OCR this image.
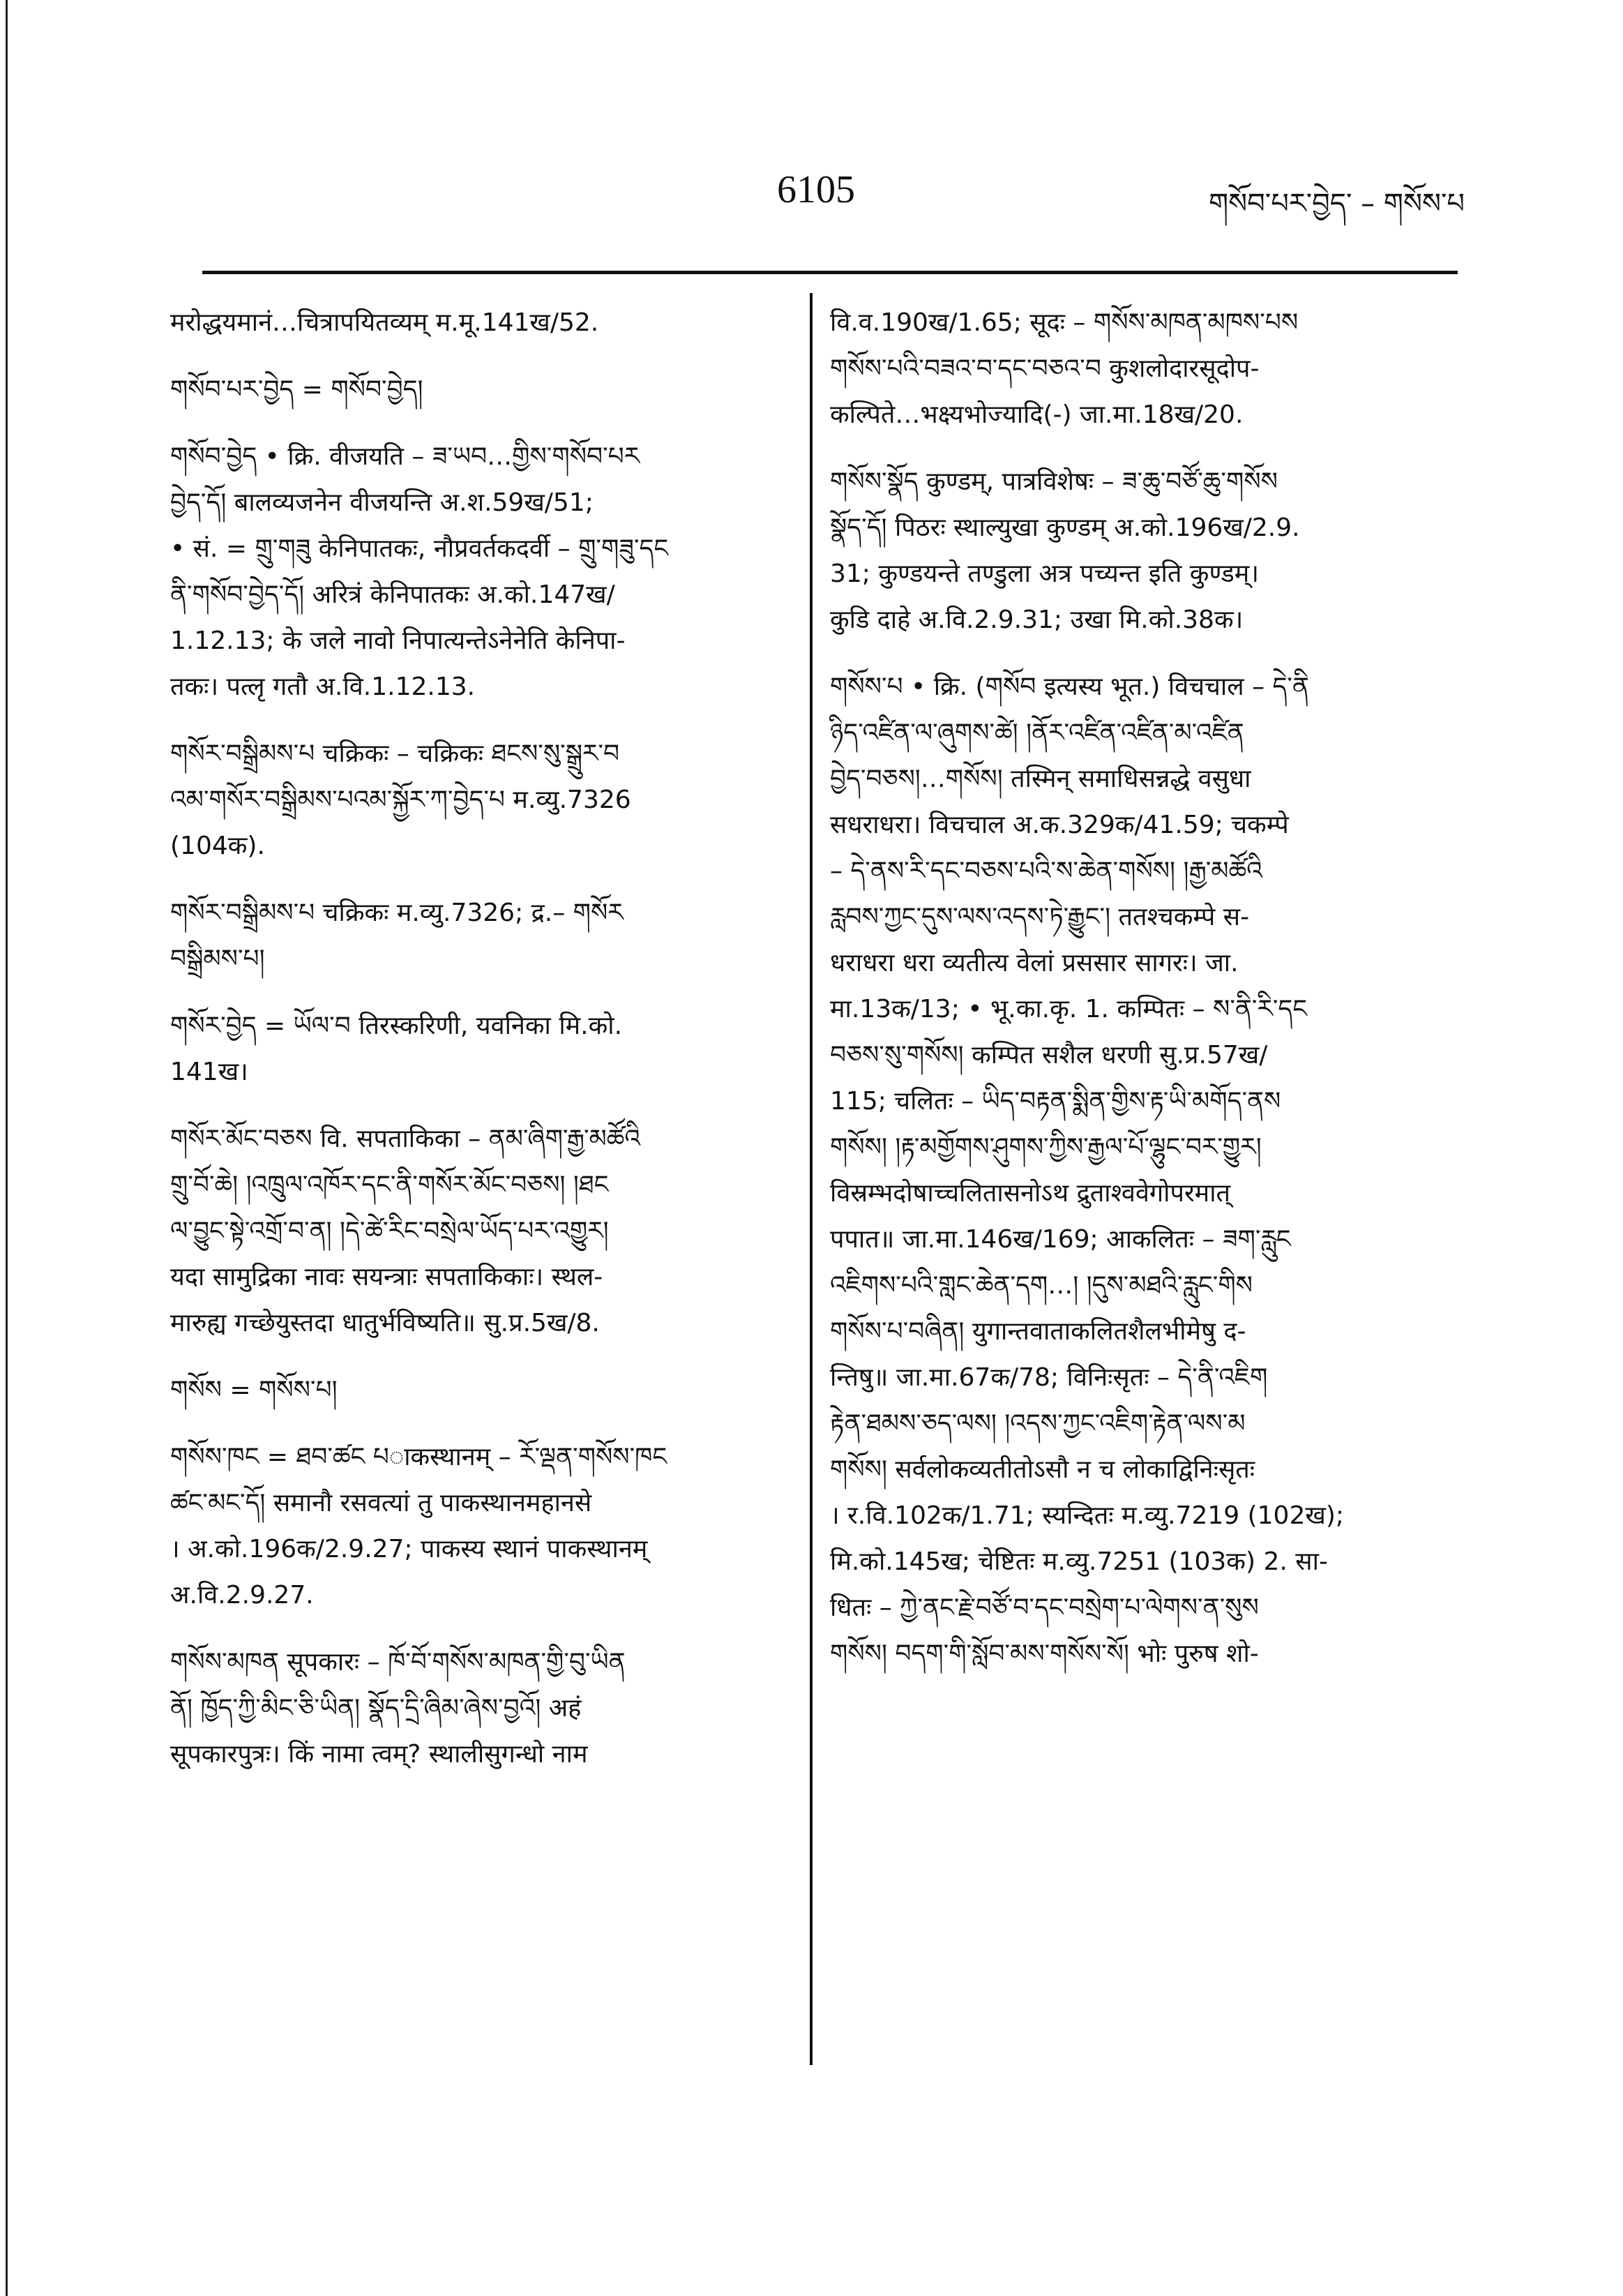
6105	གསོབ་པར་བྱེད་ – གསོས་པ
मरोद्धयमानं…चित्रापयितव्यम् म.मू.141ख/52.
གསོབ་པར་བྱེད = གསོབ་བྱེད།
གསོབ་བྱེད • क्रि. वीजयति – ཟ་ཡབ…གྱིས་གསོབ་པར
བྱེད་དོ། बालव्यजनेन वीजयन्ति अ.श.59ख/51;
• सं. = གྲུ་གཟུ केनिपातकः, नौप्रवर्तकदर्वी – གྲུ་གཟུ་དང
ནི་གསོབ་བྱེད་དོ། अरित्रं केनिपातकः अ.को.147ख/
1.12.13; के जले नावो निपात्यन्तेऽनेनेति केनिपा-
तकः। पत्लृ गतौ अ.वि.1.12.13.
གསོར་བསྒྲིམས་པ चक्रिकः – चक्रिकः ཐངས་སུ་སྒྲུར་བ
འམ་གསོར་བསྒྲིམས་པའམ་སྐྱོར་ཀ་བྱེད་པ म.व्यु.7326
(104क).
གསོར་བསྒྲིམས་པ चक्रिकः म.व्यु.7326; द्र.– གསོར
བསྒྲིམས་པ།
གསོར་བྱེད = ཡོལ་བ तिरस्करिणी, यवनिका मि.को.
141ख।
གསོར་མོང་བཅས वि. सपताकिका – ནམ་ཞིག་རྒྱ་མཚོའི
གྲུ་བོ་ཆེ། །འཁྲུལ་འཁོར་དང་ནི་གསོར་མོང་བཅས། །ཐང
ལ་བྱུང་སྟེ་འགྲོ་བ་ན། །དེ་ཚེ་རིང་བསྲེལ་ཡོད་པར་འགྱུར།
यदा सामुद्रिका नावः सयन्त्राः सपताकिकाः। स्थल-
मारुह्य गच्छेयुस्तदा धातुर्भविष्यति॥ सु.प्र.5ख/8.
གསོས = གསོས་པ།
གསོས་ཁང = ཐབ་ཚང པाकस्थानम् – རོ་ལྡན་གསོས་ཁང
ཚང་མང་དོ། समानौ रसवत्यां तु पाकस्थानमहानसे
। अ.को.196क/2.9.27; पाकस्य स्थानं पाकस्थानम्
अ.वि.2.9.27.
གསོས་མཁན सूपकारः – ཁོ་བོ་གསོས་མཁན་གྱི་བུ་ཡིན
ནོ། ཁྱོད་ཀྱི་མིང་ཅི་ཡིན། སྣོད་དྲི་ཞིམ་ཞེས་བྱའོ། अहं
सूपकारपुत्रः। किं नामा त्वम्? स्थालीसुगन्धो नाम
वि.व.190ख/1.65; सूदः – གསོས་མཁན་མཁས་པས
གསོས་པའི་བཟའ་བ་དང་བཅའ་བ कुशलोदारसूदोप-
कल्पिते…भक्ष्यभोज्यादि(-) जा.मा.18ख/20.
གསོས་སྣོད कुण्डम्, पात्रविशेषः – ཟ་ཆུ་བཙོ་ཆུ་གསོས
སྣོད་དོ། पिठरः स्थाल्युखा कुण्डम् अ.को.196ख/2.9.
31; कुण्डयन्ते तण्डुला अत्र पच्यन्त इति कुण्डम्।
कुडि दाहे अ.वि.2.9.31; उखा मि.को.38क।
གསོས་པ • क्रि. (གསོབ इत्यस्य भूत.) विचचाल – དེ་ནི
ཉིད་འཛིན་ལ་ཞུགས་ཚེ། །ནོར་འཛིན་འཛིན་མ་འཛིན
བྱེད་བཅས།…གསོས། तस्मिन् समाधिसन्नद्धे वसुधा
सधराधरा। विचचाल अ.क.329क/41.59; चकम्पे
– དེ་ནས་རི་དང་བཅས་པའི་ས་ཆེན་གསོས། །རྒྱ་མཚོའི
རླབས་ཀྱང་དུས་ལས་འདས་ཏེ་རྒྱུང་། ततश्चकम्पे स-
धराधरा धरा व्यतीत्य वेलां प्रससार सागरः। जा.
मा.13क/13; • भू.का.कृ. 1. कम्पितः – ས་ནི་རི་དང
བཅས་སུ་གསོས། कम्पित सशैल धरणी सु.प्र.57ख/
115; चलितः – ཡིད་བརྟན་སྨིན་གྱིས་རྟ་ཡི་མགོད་ནས
གསོས། །རྟ་མགྱོགས་ཤུགས་ཀྱིས་རྒྱལ་པོ་ལྷུང་བར་གྱུར།
विस्रम्भदोषाच्चलितासनोऽथ द्रुताश्ववेगोपरमात्
पपात॥ जा.मा.146ख/169; आकलितः – ཟག་རླུང
འཇིགས་པའི་གླང་ཆེན་དག…། །དུས་མཐའི་རླུང་གིས
གསོས་པ་བཞིན། युगान्तवाताकलितशैलभीमेषु द-
न्तिषु॥ जा.मा.67क/78; विनिःसृतः – དེ་ནི་འཇིག
རྟེན་ཐམས་ཅད་ལས། །འདས་ཀྱང་འཇིག་རྟེན་ལས་མ
གསོས། सर्वलोकव्यतीतोऽसौ न च लोकाद्विनिःसृतः
। र.वि.102क/1.71; स्यन्दितः म.व्यु.7219 (102ख);
मि.को.145ख; चेष्टितः म.व्यु.7251 (103क) 2. सा-
धितः – ཀྱེ་ནང་རྗེ་བཙོ་བ་དང་བསྲེག་པ་ལེགས་ན་སུས
གསོས། བདག་གི་སློབ་མས་གསོས་སོ། भोः पुरुष शो-
